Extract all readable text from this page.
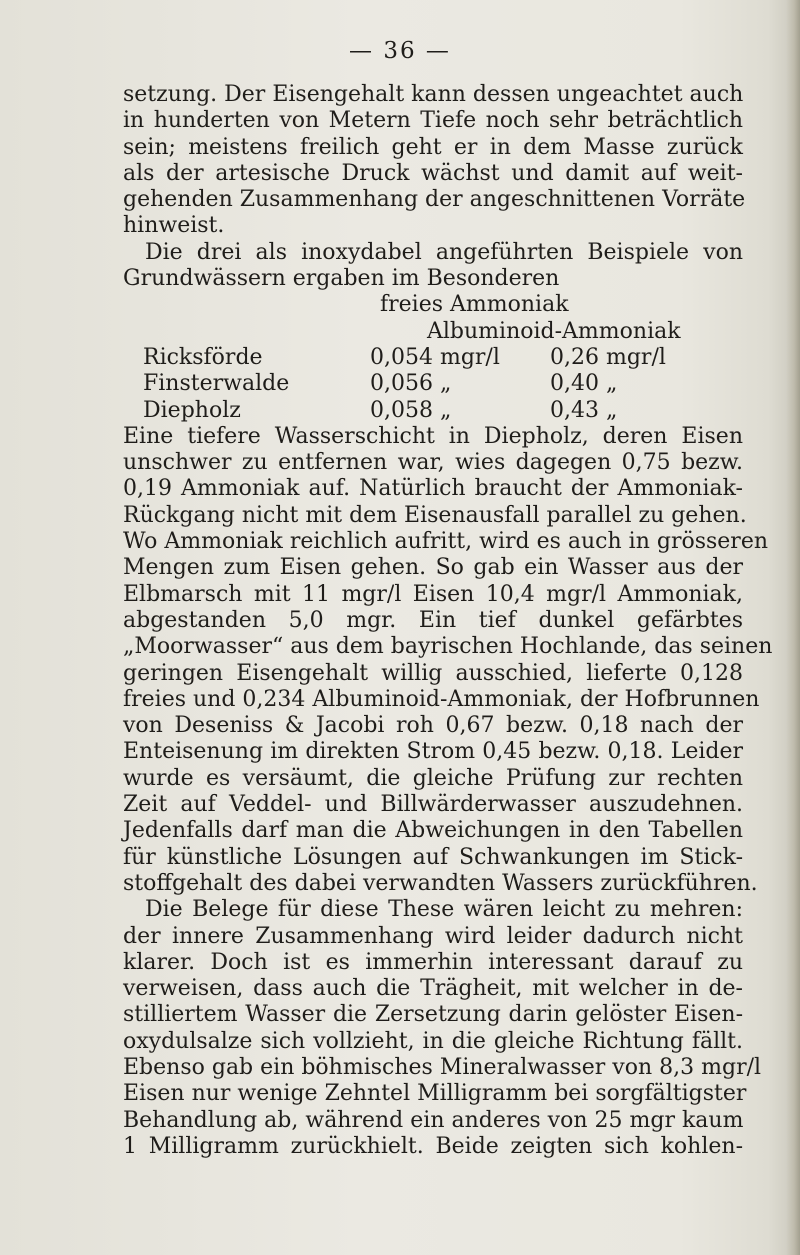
— 36 —
setzung. Der Eisengehalt kann dessen ungeachtet auch
in hunderten von Metern Tiefe noch sehr beträchtlich
sein; meistens freilich geht er in dem Masse zurück
als der artesische Druck wächst und damit auf weit-
gehenden Zusammenhang der angeschnittenen Vorräte
hinweist.
Die drei als inoxydabel angeführten Beispiele von
Grundwässern ergaben im Besonderen
freies Ammoniak
Albuminoid-Ammoniak
Ricksförde	0,054 mgr/l 0,26 mgr/l
Finsterwalde	0,056 „	0,40 „
Diepholz	0,058 „	0,43 „
Eine tiefere Wasserschicht in Diepholz, deren Eisen
unschwer zu entfernen war, wies dagegen 0,75 bezw.
0,19 Ammoniak auf. Natürlich braucht der Ammoniak-
Rückgang nicht mit dem Eisenausfall parallel zu gehen.
Wo Ammoniak reichlich aufritt, wird es auch in grösseren
Mengen zum Eisen gehen. So gab ein Wasser aus der
Elbmarsch mit 11 mgr/l Eisen 10,4 mgr/l Ammoniak,
abgestanden 5,0 mgr. Ein tief dunkel gefärbtes
„Moorwasser“ aus dem bayrischen Hochlande, das seinen
geringen Eisengehalt willig ausschied, lieferte 0,128
freies und 0,234 Albuminoid-Ammoniak, der Hofbrunnen
von Deseniss & Jacobi roh 0,67 bezw. 0,18 nach der
Enteisenung im direkten Strom 0,45 bezw. 0,18. Leider
wurde es versäumt, die gleiche Prüfung zur rechten
Zeit auf Veddel- und Billwärderwasser auszudehnen.
Jedenfalls darf man die Abweichungen in den Tabellen
für künstliche Lösungen auf Schwankungen im Stick-
stoffgehalt des dabei verwandten Wassers zurückführen.
Die Belege für diese These wären leicht zu mehren:
der innere Zusammenhang wird leider dadurch nicht
klarer. Doch ist es immerhin interessant darauf zu
verweisen, dass auch die Trägheit, mit welcher in de-
stilliertem Wasser die Zersetzung darin gelöster Eisen-
oxydulsalze sich vollzieht, in die gleiche Richtung fällt.
Ebenso gab ein böhmisches Mineralwasser von 8,3 mgr/l
Eisen nur wenige Zehntel Milligramm bei sorgfältigster
Behandlung ab, während ein anderes von 25 mgr kaum
1 Milligramm zurückhielt. Beide zeigten sich kohlen-
